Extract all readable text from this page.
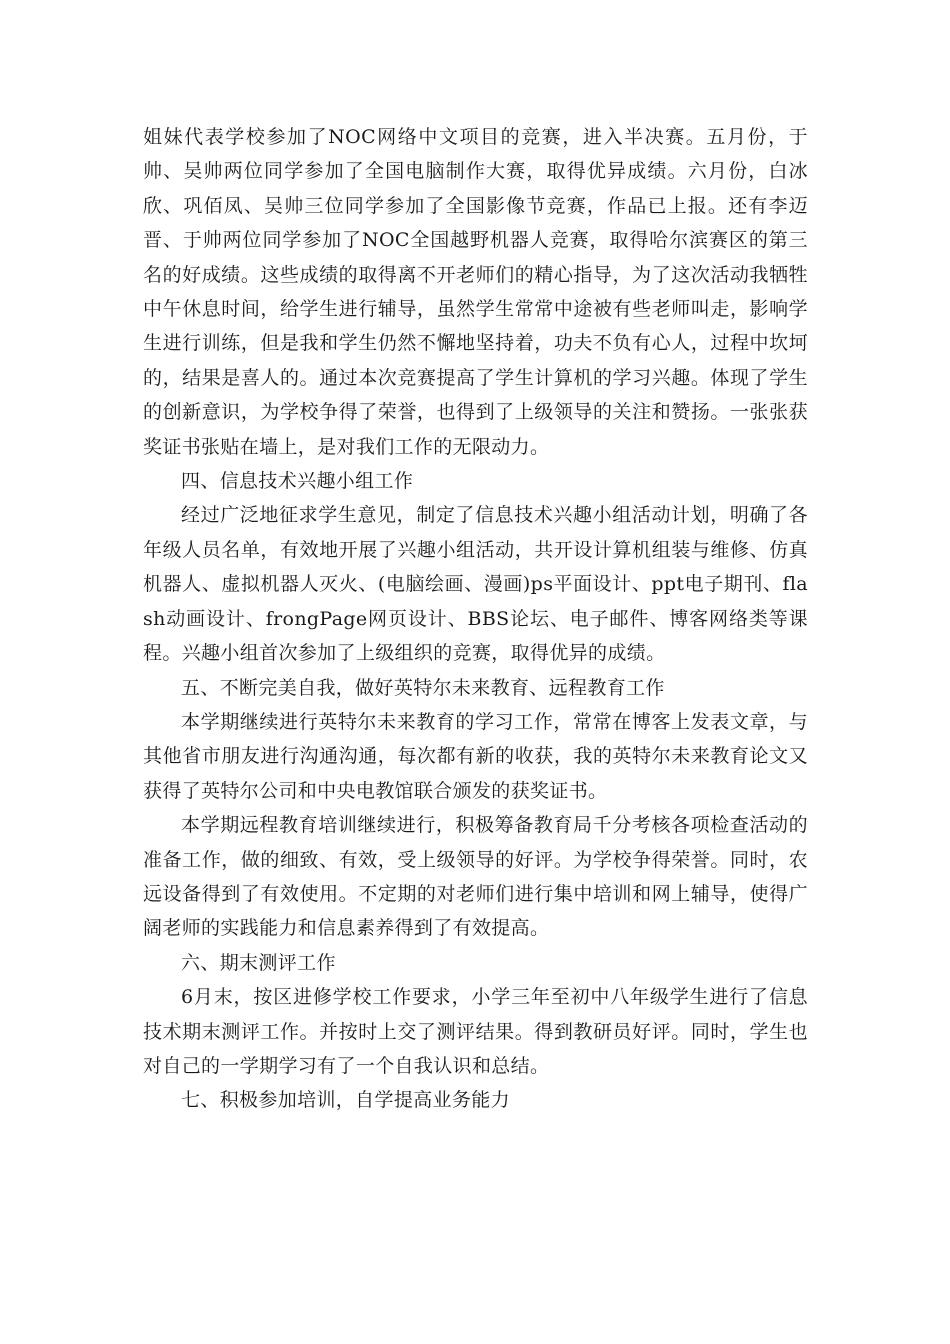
姐妹代表学校参加了NOC网络中文项目的竞赛，进入半决赛。五月份，于帅、吴帅两位同学参加了全国电脑制作大赛，取得优异成绩。六月份，白冰欣、巩佰凤、吴帅三位同学参加了全国影像节竞赛，作品已上报。还有李迈晋、于帅两位同学参加了NOC全国越野机器人竞赛，取得哈尔滨赛区的第三名的好成绩。这些成绩的取得离不开老师们的精心指导，为了这次活动我牺牲中午休息时间，给学生进行辅导，虽然学生常常中途被有些老师叫走，影响学生进行训练，但是我和学生仍然不懈地坚持着，功夫不负有心人，过程中坎坷的，结果是喜人的。通过本次竞赛提高了学生计算机的学习兴趣。体现了学生的创新意识，为学校争得了荣誉，也得到了上级领导的关注和赞扬。一张张获奖证书张贴在墙上，是对我们工作的无限动力。

四、信息技术兴趣小组工作

经过广泛地征求学生意见，制定了信息技术兴趣小组活动计划，明确了各年级人员名单，有效地开展了兴趣小组活动，共开设计算机组装与维修、仿真机器人、虚拟机器人灭火、(电脑绘画、漫画)ps平面设计、ppt电子期刊、flash动画设计、frongPage网页设计、BBS论坛、电子邮件、博客网络类等课程。兴趣小组首次参加了上级组织的竞赛，取得优异的成绩。

五、不断完美自我，做好英特尔未来教育、远程教育工作

本学期继续进行英特尔未来教育的学习工作，常常在博客上发表文章，与其他省市朋友进行沟通沟通，每次都有新的收获，我的英特尔未来教育论文又获得了英特尔公司和中央电教馆联合颁发的获奖证书。

本学期远程教育培训继续进行，积极筹备教育局千分考核各项检查活动的准备工作，做的细致、有效，受上级领导的好评。为学校争得荣誉。同时，农远设备得到了有效使用。不定期的对老师们进行集中培训和网上辅导，使得广阔老师的实践能力和信息素养得到了有效提高。

六、期末测评工作

6月末，按区进修学校工作要求，小学三年至初中八年级学生进行了信息技术期末测评工作。并按时上交了测评结果。得到教研员好评。同时，学生也对自己的一学期学习有了一个自我认识和总结。

七、积极参加培训，自学提高业务能力
